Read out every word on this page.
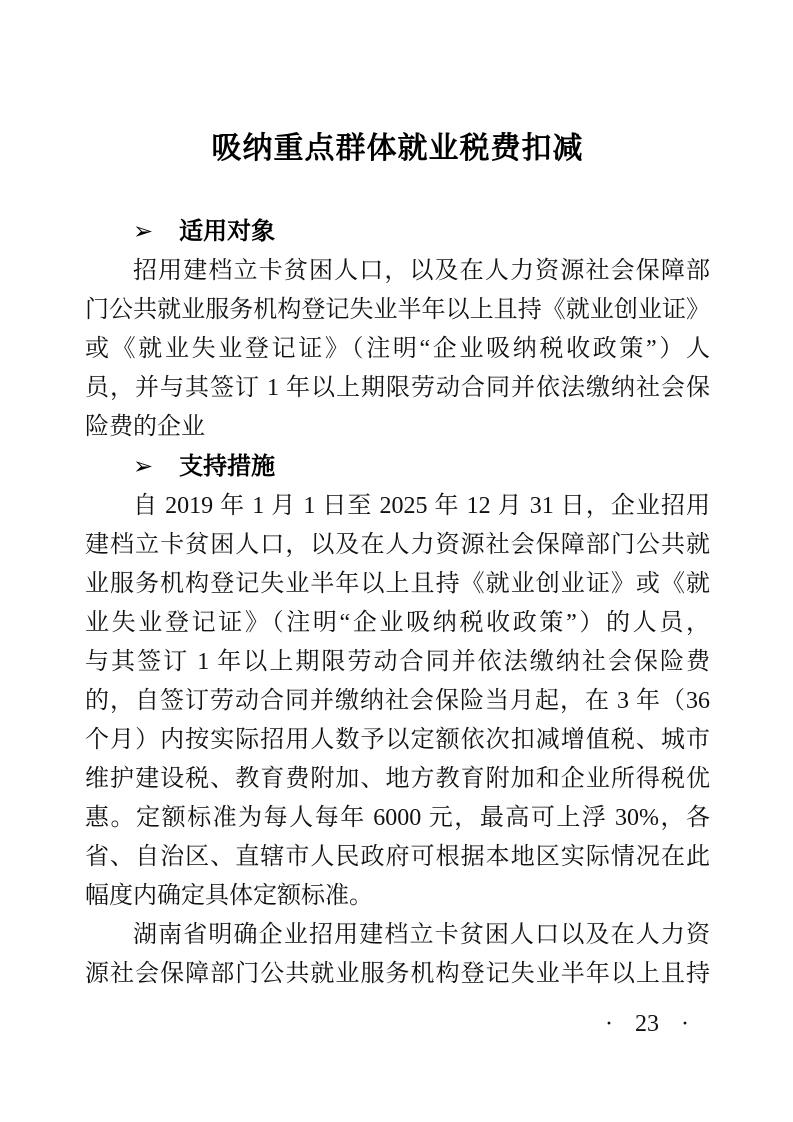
吸纳重点群体就业税费扣减
➢ 适用对象
招用建档立卡贫困人口，以及在人力资源社会保障部
门公共就业服务机构登记失业半年以上且持《就业创业证》
或《就业失业登记证》（注明“企业吸纳税收政策”）人
员，并与其签订 1 年以上期限劳动合同并依法缴纳社会保
险费的企业
➢ 支持措施
自 2019 年 1 月 1 日至 2025 年 12 月 31 日，企业招用
建档立卡贫困人口，以及在人力资源社会保障部门公共就
业服务机构登记失业半年以上且持《就业创业证》或《就
业失业登记证》（注明“企业吸纳税收政策”）的人员，
与其签订 1 年以上期限劳动合同并依法缴纳社会保险费
的，自签订劳动合同并缴纳社会保险当月起，在 3 年（36
个月）内按实际招用人数予以定额依次扣减增值税、城市
维护建设税、教育费附加、地方教育附加和企业所得税优
惠。定额标准为每人每年 6000 元，最高可上浮 30%，各
省、自治区、直辖市人民政府可根据本地区实际情况在此
幅度内确定具体定额标准。
湖南省明确企业招用建档立卡贫困人口以及在人力资
源社会保障部门公共就业服务机构登记失业半年以上且持
· 23 ·
